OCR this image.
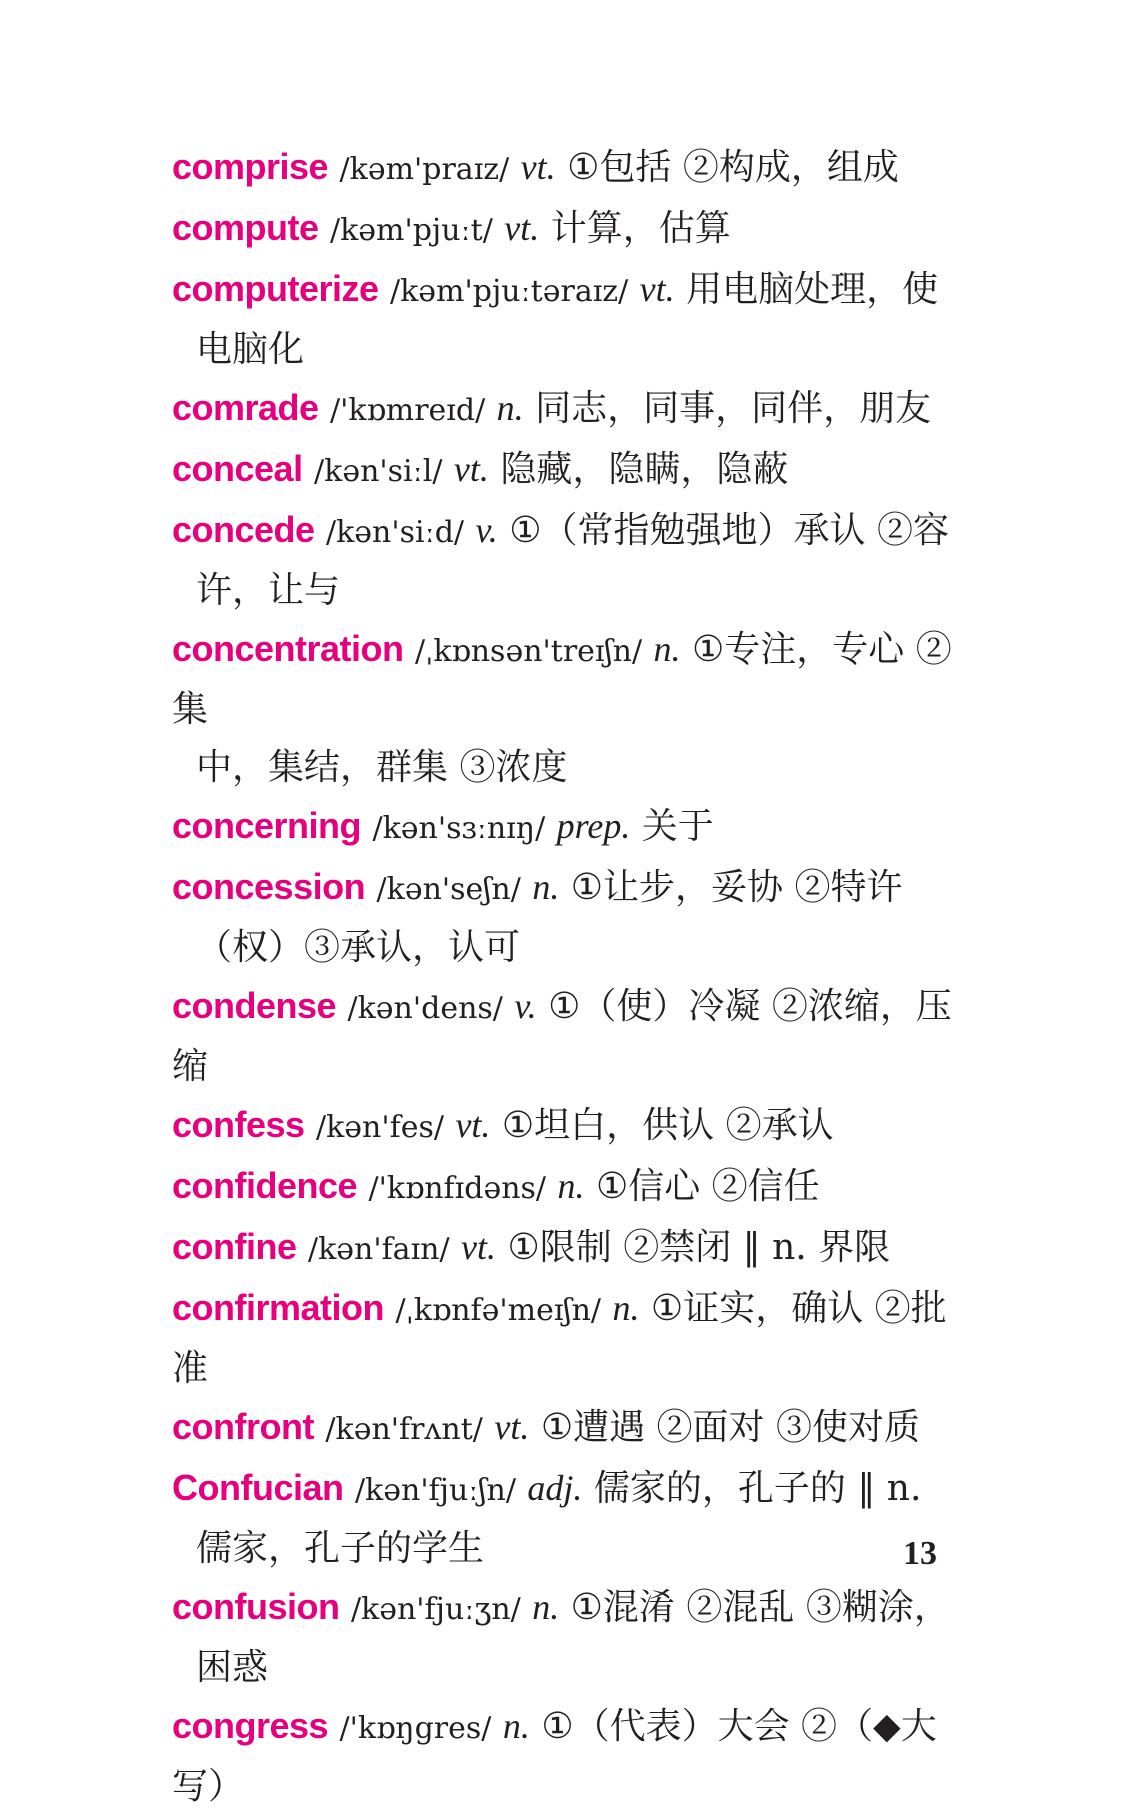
comprise /kəm'praɪz/ vt. ①包括 ②构成，组成
compute /kəm'pjuːt/ vt. 计算，估算
computerize /kəm'pjuːtəraɪz/ vt. 用电脑处理，使
电脑化
comrade /'kɒmreɪd/ n. 同志，同事，同伴，朋友
conceal /kən'siːl/ vt. 隐藏，隐瞒，隐蔽
concede /kən'siːd/ v. ①（常指勉强地）承认 ②容
许，让与
concentration /ˌkɒnsən'treɪʃn/ n. ①专注，专心 ②集
中，集结，群集 ③浓度
concerning /kən'sɜːnɪŋ/ prep. 关于
concession /kən'seʃn/ n. ①让步，妥协 ②特许
（权）③承认，认可
condense /kən'dens/ v. ①（使）冷凝 ②浓缩，压缩
confess /kən'fes/ vt. ①坦白，供认 ②承认
confidence /'kɒnfɪdəns/ n. ①信心 ②信任
confine /kən'faɪn/ vt. ①限制 ②禁闭 ‖ n. 界限
confirmation /ˌkɒnfə'meɪʃn/ n. ①证实，确认 ②批准
confront /kən'frʌnt/ vt. ①遭遇 ②面对 ③使对质
Confucian /kən'fjuːʃn/ adj. 儒家的，孔子的 ‖ n.
儒家，孔子的学生
confusion /kən'fjuːʒn/ n. ①混淆 ②混乱 ③糊涂，
困惑
congress /'kɒŋgres/ n. ①（代表）大会 ②（◆大写）
13
